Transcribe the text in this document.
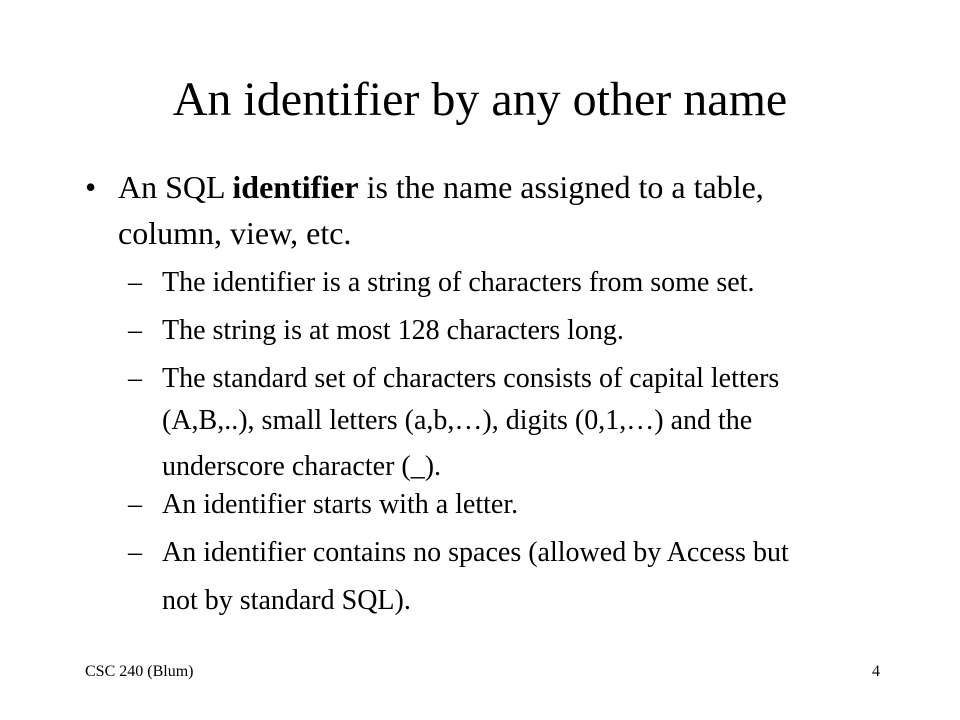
An identifier by any other name
• An SQL identifier is the name assigned to a table,
column, view, etc.
– The identifier is a string of characters from some set.
– The string is at most 128 characters long.
– The standard set of characters consists of capital letters
(A,B,..), small letters (a,b,…), digits (0,1,…) and the
underscore character (_).
– An identifier starts with a letter.
– An identifier contains no spaces (allowed by Access but
not by standard SQL).
CSC 240 (Blum)	4
